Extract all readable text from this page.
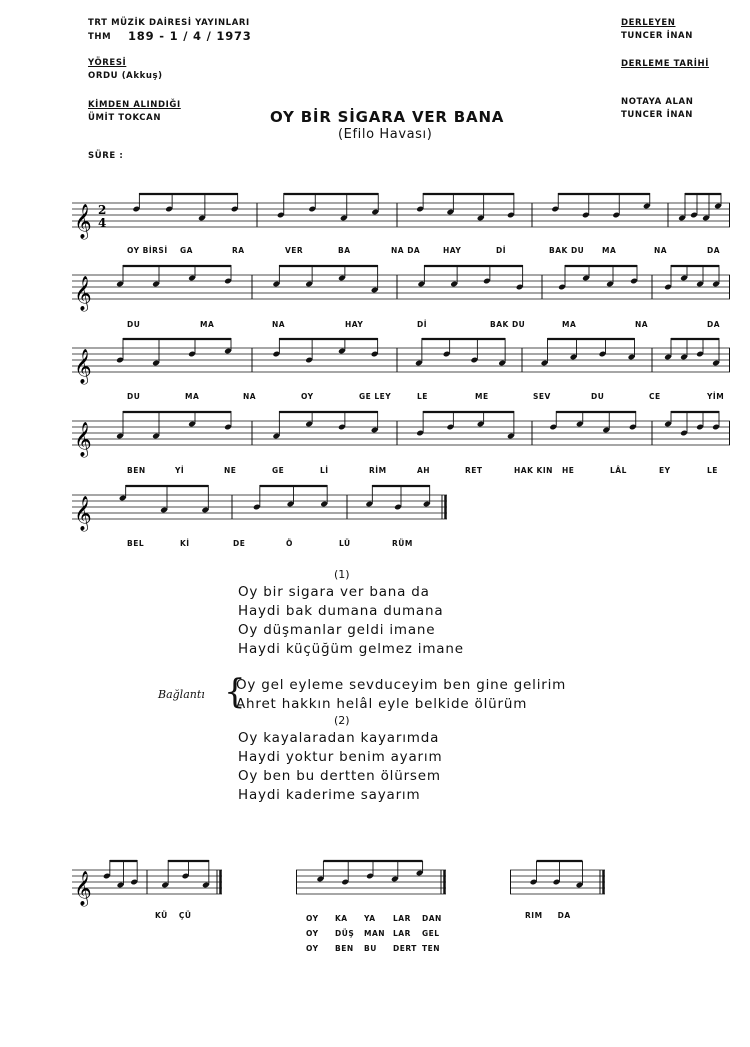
TRT MÜZİK DAİRESİ YAYINLARI
THM 189 - 1 / 4 / 1973
YÖRESİ
ORDU (Akkuş)
KİMDEN ALINDIĞI
ÜMİT TOKCAN
SÜRE :
DERLEYEN
TUNCER İNAN
DERLEME TARİHİ
NOTAYA ALAN
TUNCER İNAN
OY BİR SİGARA VER BANA
(Efilo Havası)
𝄞 2
4
𝄞
𝄞
𝄞
𝄞
OY BİRSİ GA	RA	VER	BA	NA DA	HAY	Dİ	BAK DU MA	NA	DA
DU	MA	NA	HAY	Dİ	BAK DU	MA	NA	DA
DU	MA	NA	OY	GE LEY	LE	ME	SEV	DU	CE	YİM
BEN	Yİ	NE	GE	Lİ	RİM	AH	RET	HAK KIN HE	LÂL	EY	LE
BEL	Kİ	DE	Ö	LÜ	RÜM
(1)
Oy bir sigara ver bana da
Haydi bak dumana dumana
Oy düşmanlar geldi imane
Haydi küçüğüm gelmez imane
Bağlantı {
Oy gel eyleme sevduceyim ben gine gelirim
Ahret hakkın helâl eyle belkide ölürüm
(2)
Oy kayalaradan kayarımda
Haydi yoktur benim ayarım
Oy ben bu dertten ölürsem
Haydi kaderime sayarım
𝄞
KÜ ÇÜ	OY KA YA LAR DAN
OY DÜŞ MAN LAR GEL
OY BEN BU DERT TEN
RIM DA
